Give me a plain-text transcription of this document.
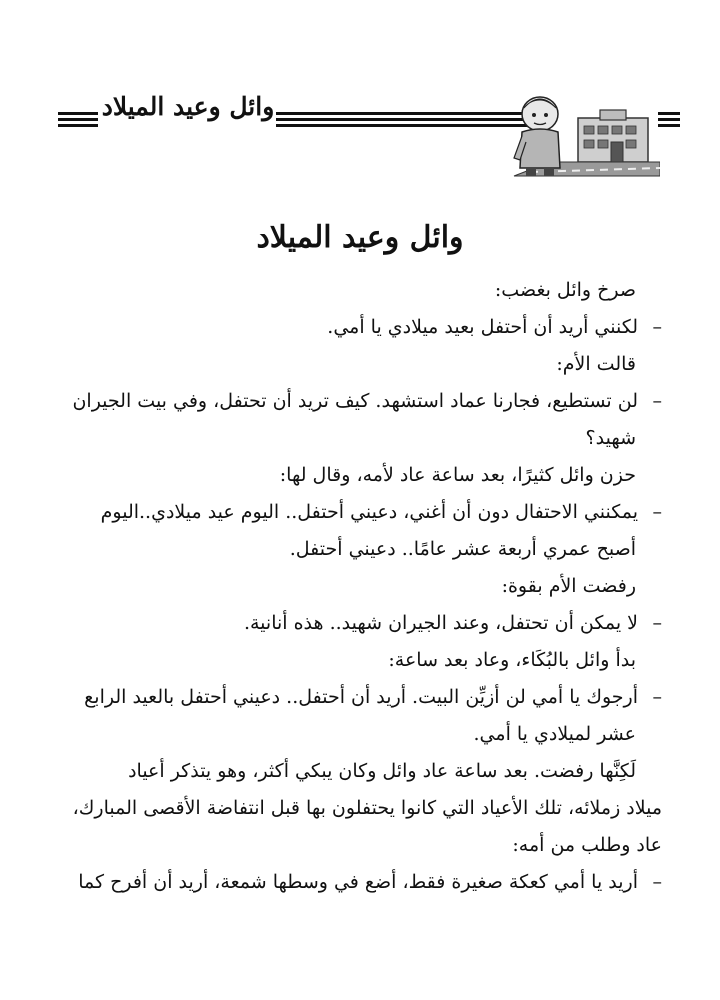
وائل وعيد الميلاد
وائل وعيد الميلاد
صرخ وائل بغضب:
–
لكنني أريد أن أحتفل بعيد ميلادي يا أمي.
قالت الأم:
–
لن تستطيع، فجارنا عماد استشهد. كيف تريد أن تحتفل، وفي بيت الجيران
شهيد؟
حزن وائل كثيرًا، بعد ساعة عاد لأمه، وقال لها:
–
يمكنني الاحتفال دون أن أغني، دعيني أحتفل.. اليوم عيد ميلادي..اليوم
أصبح عمري أربعة عشر عامًا.. دعيني أحتفل.
رفضت الأم بقوة:
–
لا يمكن أن تحتفل، وعند الجيران شهيد.. هذه أنانية.
بدأ وائل بالبُكَاء، وعاد بعد ساعة:
–
أرجوك يا أمي لن أزيِّن البيت. أريد أن أحتفل.. دعيني أحتفل بالعيد الرابع
عشر لميلادي يا أمي.
لَكِنَّها رفضت. بعد ساعة عاد وائل وكان يبكي أكثر، وهو يتذكر أعياد
ميلاد زملائه، تلك الأعياد التي كانوا يحتفلون بها قبل انتفاضة الأقصى المبارك،
عاد وطلب من أمه:
–
أريد يا أمي كعكة صغيرة فقط، أضع في وسطها شمعة، أريد أن أفرح كما
